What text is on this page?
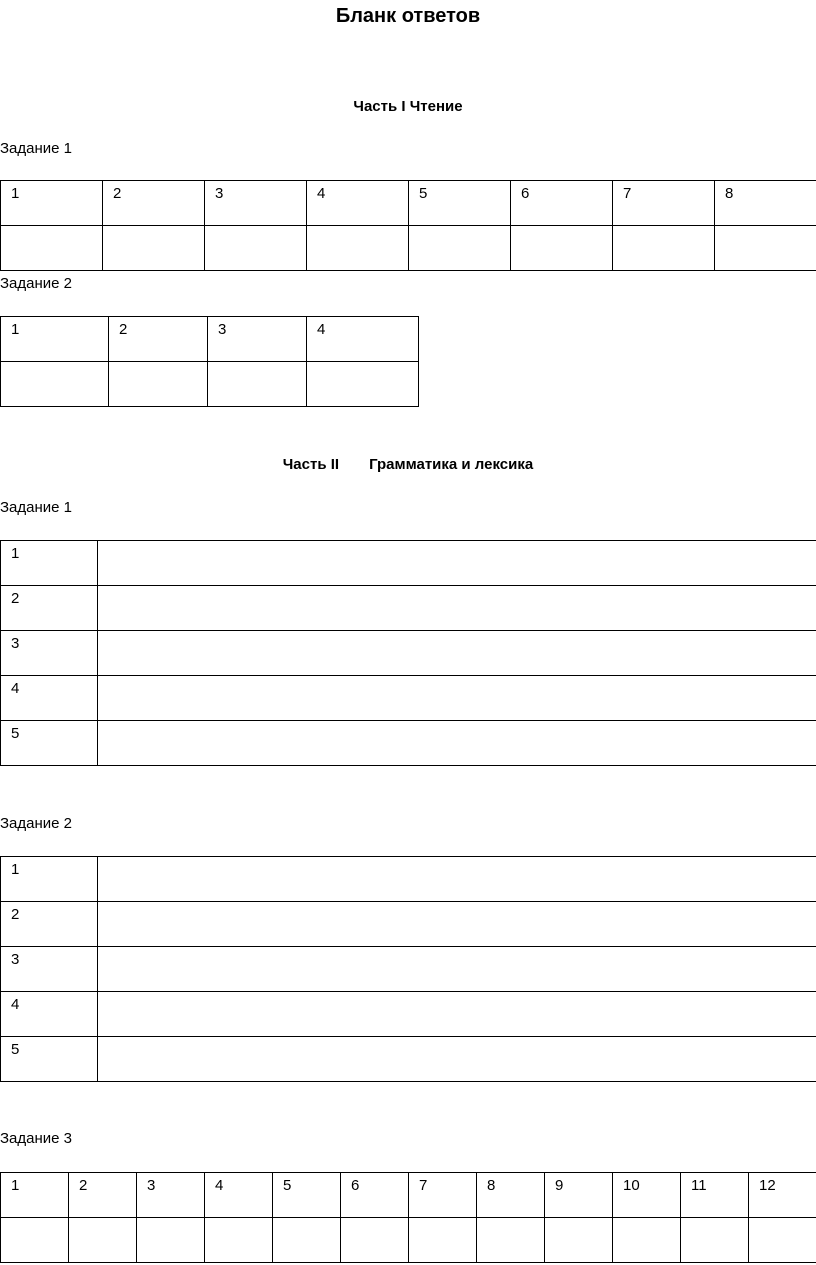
Бланк ответов
Часть I Чтение
Задание 1
1	2	3	4	5	6	7	8

Задание 2
1	2	3	4

Часть II Грамматика и лексика
Задание 1
1	

2	

3	

4	

5	

Задание 2
1	

2	

3	

4	

5	

Задание 3
1	2	3	4	5	6	7	8	9	10	11	12
